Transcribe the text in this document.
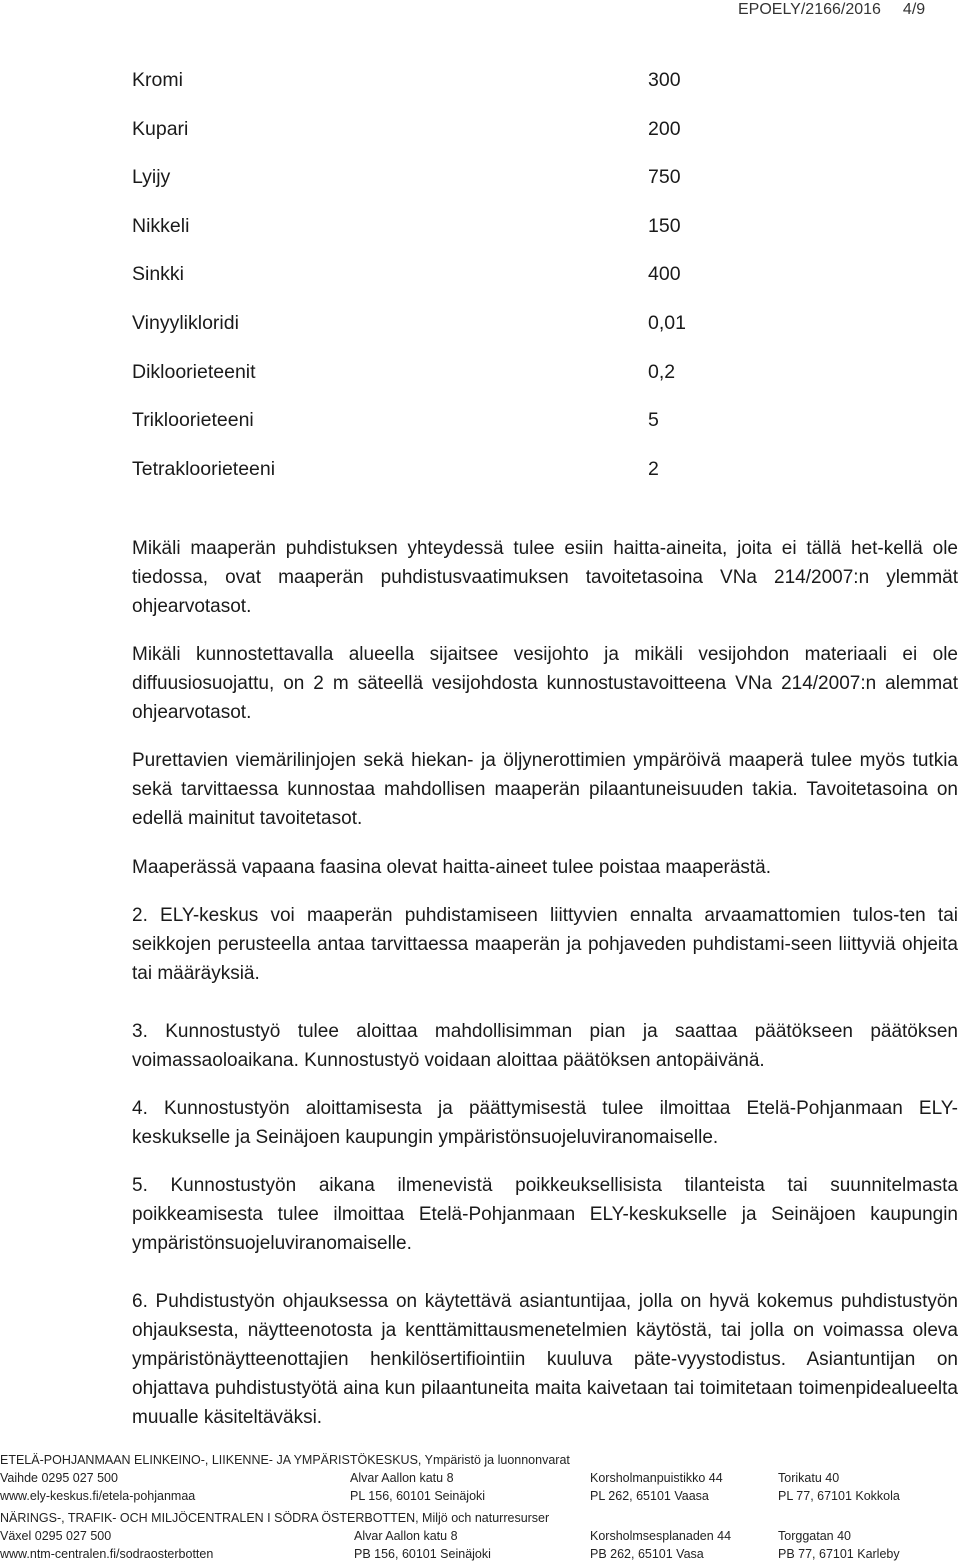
EPOELY/2166/2016 4/9
Kromi	300
Kupari	200
Lyijy	750
Nikkeli	150
Sinkki	400
Vinyylikloridi	0,01
Dikloorieteenit	0,2
Trikloorieteeni	5
Tetrakloorieteeni	2

Mikäli maaperän puhdistuksen yhteydessä tulee esiin haitta-aineita, joita ei tällä het-kellä ole tiedossa, ovat maaperän puhdistusvaatimuksen tavoitetasoina VNa 214/2007:n ylemmät ohjearvotasot.

Mikäli kunnostettavalla alueella sijaitsee vesijohto ja mikäli vesijohdon materiaali ei ole diffuusiosuojattu, on 2 m säteellä vesijohdosta kunnostustavoitteena VNa 214/2007:n alemmat ohjearvotasot.

Purettavien viemärilinjojen sekä hiekan- ja öljynerottimien ympäröivä maaperä tulee myös tutkia sekä tarvittaessa kunnostaa mahdollisen maaperän pilaantuneisuuden takia. Tavoitetasoina on edellä mainitut tavoitetasot.

Maaperässä vapaana faasina olevat haitta-aineet tulee poistaa maaperästä.

2. ELY-keskus voi maaperän puhdistamiseen liittyvien ennalta arvaamattomien tulos-ten tai seikkojen perusteella antaa tarvittaessa maaperän ja pohjaveden puhdistami-seen liittyviä ohjeita tai määräyksiä.

3. Kunnostustyö tulee aloittaa mahdollisimman pian ja saattaa päätökseen päätöksen voimassaoloaikana. Kunnostustyö voidaan aloittaa päätöksen antopäivänä.

4. Kunnostustyön aloittamisesta ja päättymisestä tulee ilmoittaa Etelä-Pohjanmaan ELY-keskukselle ja Seinäjoen kaupungin ympäristönsuojeluviranomaiselle.

5. Kunnostustyön aikana ilmenevistä poikkeuksellisista tilanteista tai suunnitelmasta poikkeamisesta tulee ilmoittaa Etelä-Pohjanmaan ELY-keskukselle ja Seinäjoen kaupungin ympäristönsuojeluviranomaiselle.

6. Puhdistustyön ohjauksessa on käytettävä asiantuntijaa, jolla on hyvä kokemus puhdistustyön ohjauksesta, näytteenotosta ja kenttämittausmenetelmien käytöstä, tai jolla on voimassa oleva ympäristönäytteenottajien henkilösertifiointiin kuuluva päte-vyystodistus. Asiantuntijan on ohjattava puhdistustyötä aina kun pilaantuneita maita kaivetaan tai toimitetaan toimenpidealueelta muualle käsiteltäväksi.

ETELÄ-POHJANMAAN ELINKEINO-, LIIKENNE- JA YMPÄRISTÖKESKUS, Ympäristö ja luonnonvarat
Vaihde 0295 027 500	Alvar Aallon katu 8	Korsholmanpuistikko 44	Torikatu 40
www.ely-keskus.fi/etela-pohjanmaa	PL 156, 60101 Seinäjoki	PL 262, 65101 Vaasa	PL 77, 67101 Kokkola
NÄRINGS-, TRAFIK- OCH MILJÖCENTRALEN I SÖDRA ÖSTERBOTTEN, Miljö och naturresurser
Växel 0295 027 500	Alvar Aallon katu 8	Korsholmsesplanaden 44	Torggatan 40
www.ntm-centralen.fi/sodraosterbotten	PB 156, 60101 Seinäjoki	PB 262, 65101 Vasa	PB 77, 67101 Karleby
